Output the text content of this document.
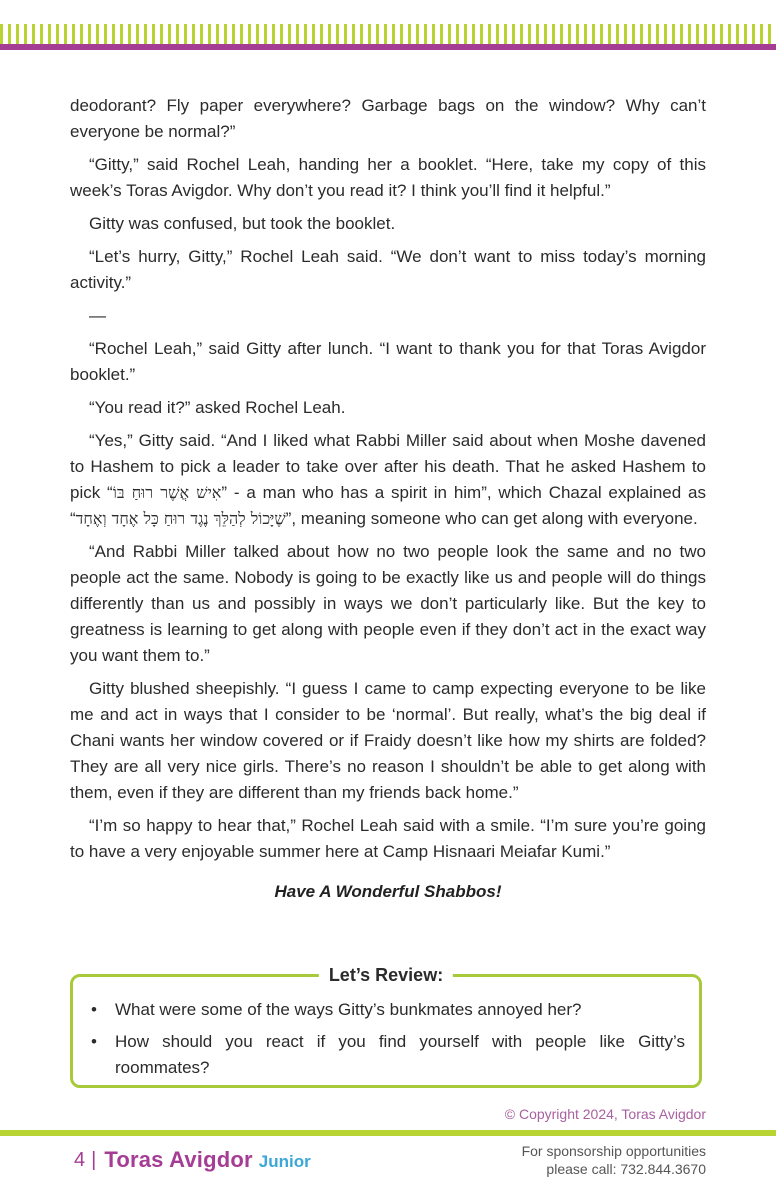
deodorant? Fly paper everywhere? Garbage bags on the window? Why can’t everyone be normal?”

“Gitty,” said Rochel Leah, handing her a booklet. “Here, take my copy of this week’s Toras Avigdor. Why don’t you read it? I think you’ll find it helpful.”

Gitty was confused, but took the booklet.

“Let’s hurry, Gitty,” Rochel Leah said. “We don’t want to miss today’s morning activity.”

—

“Rochel Leah,” said Gitty after lunch. “I want to thank you for that Toras Avigdor booklet.”

“You read it?” asked Rochel Leah.

“Yes,” Gitty said. “And I liked what Rabbi Miller said about when Moshe davened to Hashem to pick a leader to take over after his death. That he asked Hashem to pick “אִישׁ אֲשֶׁר רוּחַ בּוֹ” - a man who has a spirit in him”, which Chazal explained as “שֶׁיָּכוֹל לְהַלֵּךְ נֶגֶד רוּחַ כָּל אֶחָד וְאֶחָד”, meaning someone who can get along with everyone.

“And Rabbi Miller talked about how no two people look the same and no two people act the same. Nobody is going to be exactly like us and people will do things differently than us and possibly in ways we don’t particularly like. But the key to greatness is learning to get along with people even if they don’t act in the exact way you want them to.”

Gitty blushed sheepishly. “I guess I came to camp expecting everyone to be like me and act in ways that I consider to be ‘normal’. But really, what’s the big deal if Chani wants her window covered or if Fraidy doesn’t like how my shirts are folded? They are all very nice girls. There’s no reason I shouldn’t be able to get along with them, even if they are different than my friends back home.”

“I’m so happy to hear that,” Rochel Leah said with a smile. “I’m sure you’re going to have a very enjoyable summer here at Camp Hisnaari Meiafar Kumi.”

Have A Wonderful Shabbos!
Let’s Review:
• What were some of the ways Gitty’s bunkmates annoyed her?
• How should you react if you find yourself with people like Gitty’s roommates?
© Copyright 2024, Toras Avigdor
4 | Toras Avigdor Junior
For sponsorship opportunities
please call: 732.844.3670
